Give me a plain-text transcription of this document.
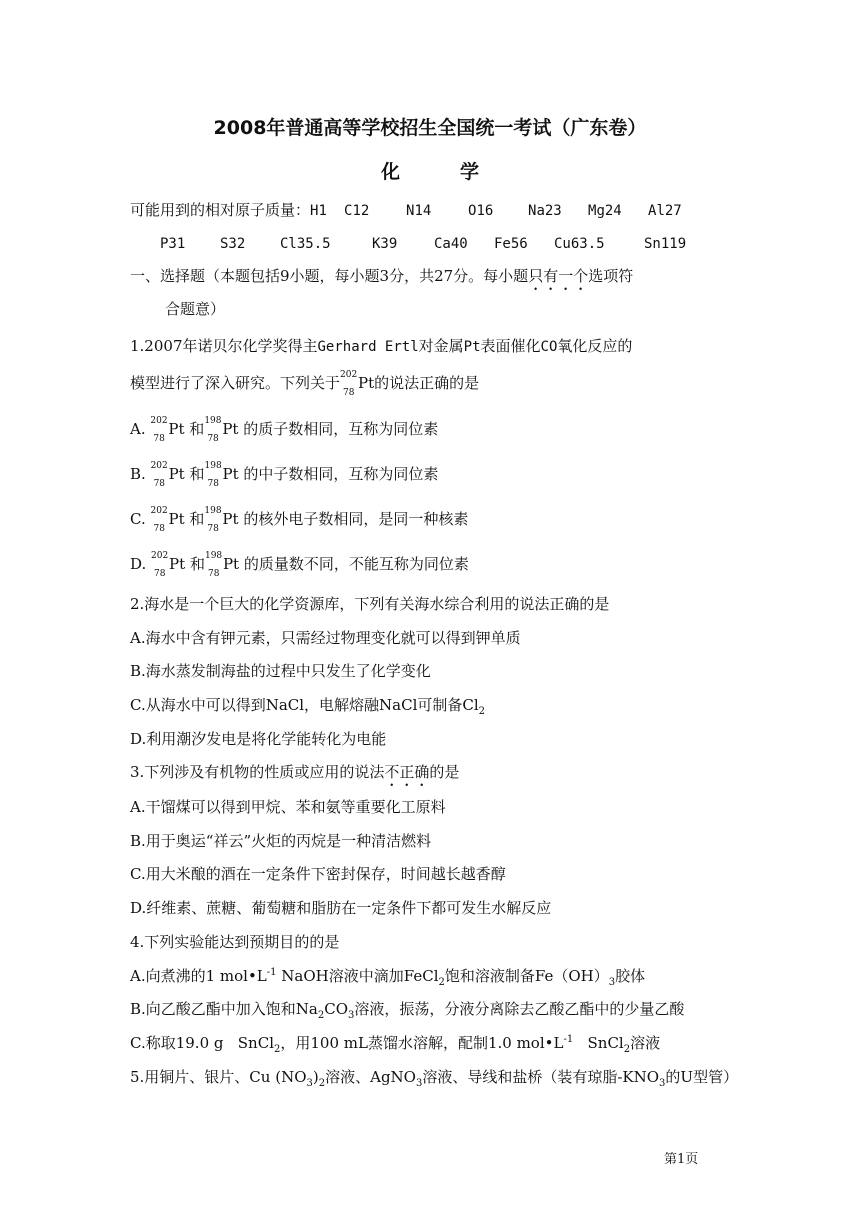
2008年普通高等学校招生全国统一考试（广东卷）
化学
可能用到的相对原子质量：H1 C12	N14	O16 Na23 Mg24 Al27
P31 S32 Cl35.5	K39	Ca40 Fe56 Cu63.5	Sn119
一、选择题（本题包括9小题，每小题3分，共27分。每小题只有一个选项符
合题意）
1.2007年诺贝尔化学奖得主Gerhard Ertl对金属Pt表面催化CO氧化反应的
模型进行了深入研究。下列关于 202
78
Pt的说法正确的是
A. 202
78
Pt 和 198
78
Pt 的质子数相同，互称为同位素
B. 202
78
Pt 和 198
78
Pt 的中子数相同，互称为同位素
C. 202
78
Pt 和 198
78
Pt 的核外电子数相同，是同一种核素
D. 202
78
Pt 和 198
78
Pt 的质量数不同，不能互称为同位素
2.海水是一个巨大的化学资源库，下列有关海水综合利用的说法正确的是
A.海水中含有钾元素，只需经过物理变化就可以得到钾单质
B.海水蒸发制海盐的过程中只发生了化学变化
C.从海水中可以得到NaCl，电解熔融NaCl可制备$Cl_2$
D.利用潮汐发电是将化学能转化为电能
3.下列涉及有机物的性质或应用的说法不正确的是
A.干馏煤可以得到甲烷、苯和氨等重要化工原料
B.用于奥运“祥云”火炬的丙烷是一种清洁燃料
C.用大米酿的酒在一定条件下密封保存，时间越长越香醇
D.纤维素、蔗糖、葡萄糖和脂肪在一定条件下都可发生水解反应
4.下列实验能达到预期目的的是
A.向煮沸的1 $mol•L^{-1}$ NaOH溶液中滴加FeCl$_2$饱和溶液制备$Fe(OH)_3$胶体
B.向乙酸乙酯中加入饱和$Na_2CO_3$溶液，振荡，分液分离除去乙酸乙酯中的少量乙酸
C.称取19.0 g   SnCl$_2$，用100 mL蒸馏水溶解，配制1.0 $mol•L^{-1}$   SnCl$_2$溶液
5.用铜片、银片、Cu $(NO_3)_2$溶液、AgNO$_3$溶液、导线和盐桥（装有琼脂$-KNO_3$的U型管）
第1页
